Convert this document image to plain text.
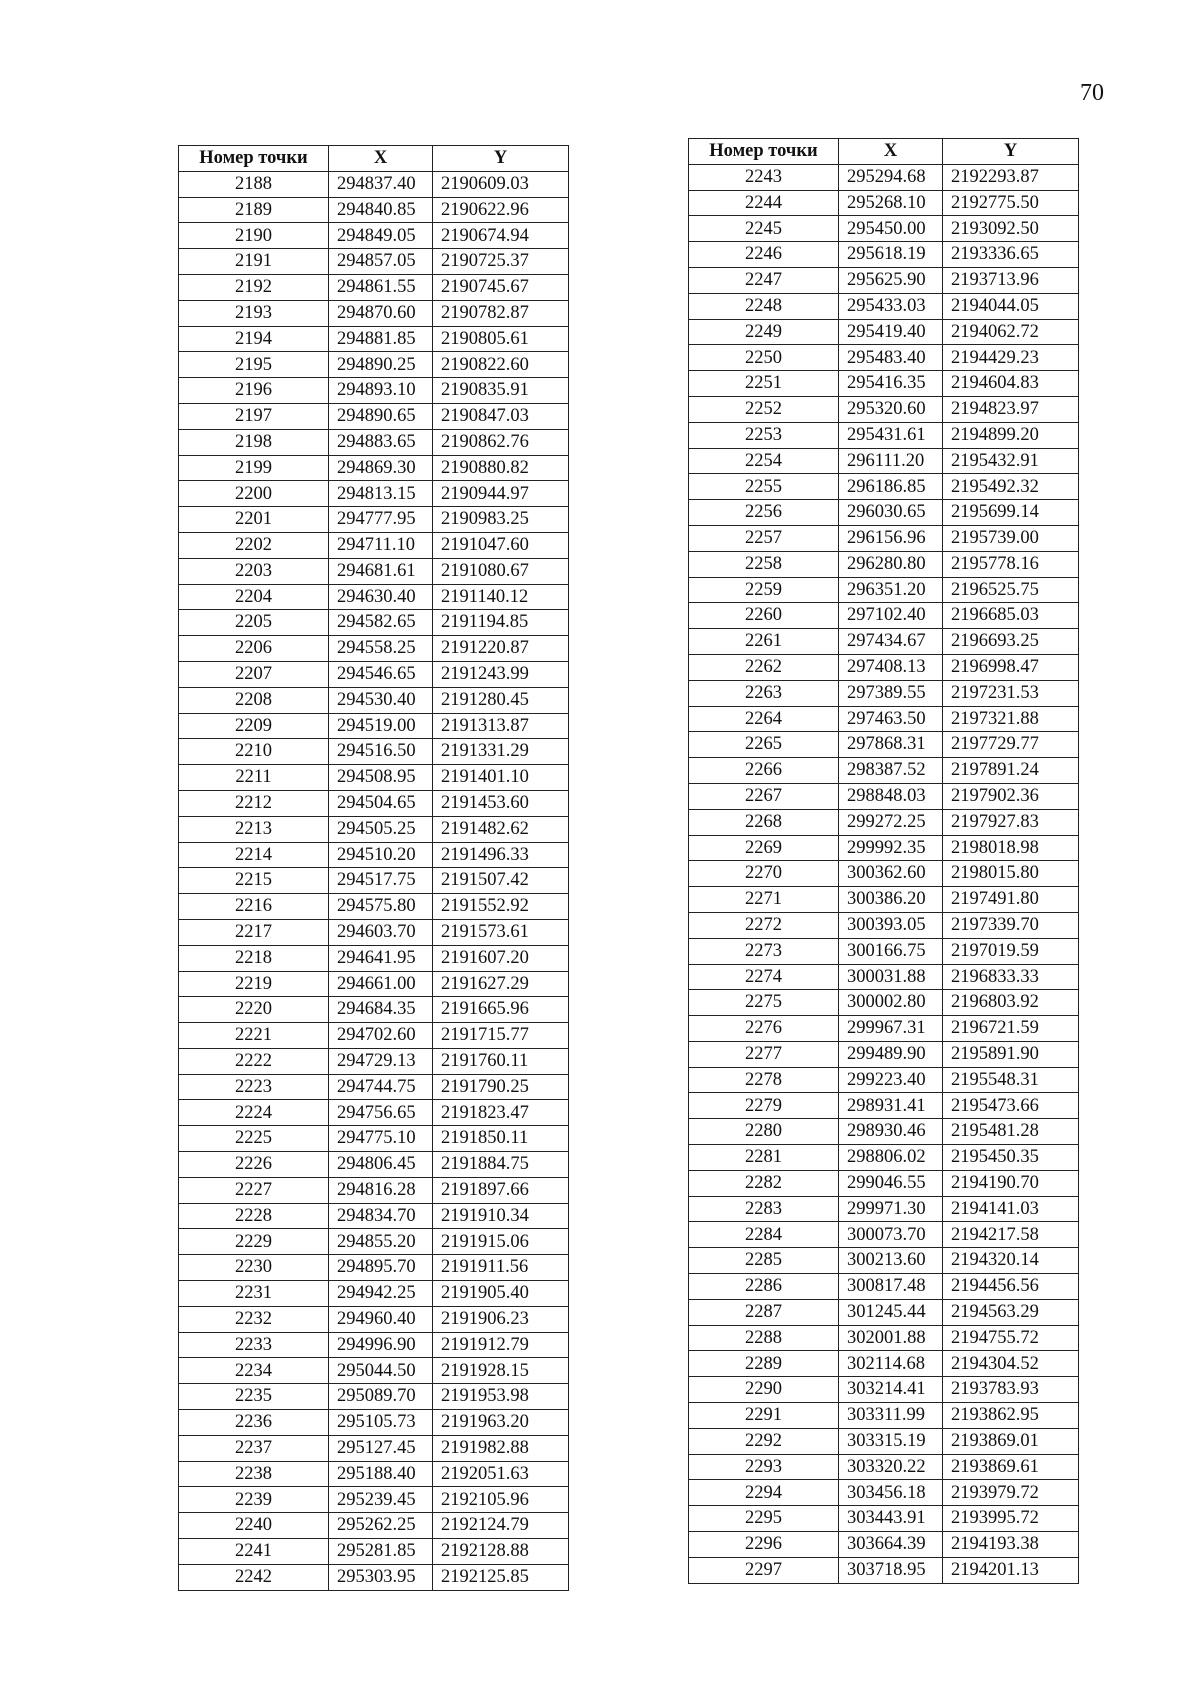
70
Номер точки	X	Y
2188	294837.40	2190609.03
2189	294840.85	2190622.96
2190	294849.05	2190674.94
2191	294857.05	2190725.37
2192	294861.55	2190745.67
2193	294870.60	2190782.87
2194	294881.85	2190805.61
2195	294890.25	2190822.60
2196	294893.10	2190835.91
2197	294890.65	2190847.03
2198	294883.65	2190862.76
2199	294869.30	2190880.82
2200	294813.15	2190944.97
2201	294777.95	2190983.25
2202	294711.10	2191047.60
2203	294681.61	2191080.67
2204	294630.40	2191140.12
2205	294582.65	2191194.85
2206	294558.25	2191220.87
2207	294546.65	2191243.99
2208	294530.40	2191280.45
2209	294519.00	2191313.87
2210	294516.50	2191331.29
2211	294508.95	2191401.10
2212	294504.65	2191453.60
2213	294505.25	2191482.62
2214	294510.20	2191496.33
2215	294517.75	2191507.42
2216	294575.80	2191552.92
2217	294603.70	2191573.61
2218	294641.95	2191607.20
2219	294661.00	2191627.29
2220	294684.35	2191665.96
2221	294702.60	2191715.77
2222	294729.13	2191760.11
2223	294744.75	2191790.25
2224	294756.65	2191823.47
2225	294775.10	2191850.11
2226	294806.45	2191884.75
2227	294816.28	2191897.66
2228	294834.70	2191910.34
2229	294855.20	2191915.06
2230	294895.70	2191911.56
2231	294942.25	2191905.40
2232	294960.40	2191906.23
2233	294996.90	2191912.79
2234	295044.50	2191928.15
2235	295089.70	2191953.98
2236	295105.73	2191963.20
2237	295127.45	2191982.88
2238	295188.40	2192051.63
2239	295239.45	2192105.96
2240	295262.25	2192124.79
2241	295281.85	2192128.88
2242	295303.95	2192125.85
Номер точки	X	Y
2243	295294.68	2192293.87
2244	295268.10	2192775.50
2245	295450.00	2193092.50
2246	295618.19	2193336.65
2247	295625.90	2193713.96
2248	295433.03	2194044.05
2249	295419.40	2194062.72
2250	295483.40	2194429.23
2251	295416.35	2194604.83
2252	295320.60	2194823.97
2253	295431.61	2194899.20
2254	296111.20	2195432.91
2255	296186.85	2195492.32
2256	296030.65	2195699.14
2257	296156.96	2195739.00
2258	296280.80	2195778.16
2259	296351.20	2196525.75
2260	297102.40	2196685.03
2261	297434.67	2196693.25
2262	297408.13	2196998.47
2263	297389.55	2197231.53
2264	297463.50	2197321.88
2265	297868.31	2197729.77
2266	298387.52	2197891.24
2267	298848.03	2197902.36
2268	299272.25	2197927.83
2269	299992.35	2198018.98
2270	300362.60	2198015.80
2271	300386.20	2197491.80
2272	300393.05	2197339.70
2273	300166.75	2197019.59
2274	300031.88	2196833.33
2275	300002.80	2196803.92
2276	299967.31	2196721.59
2277	299489.90	2195891.90
2278	299223.40	2195548.31
2279	298931.41	2195473.66
2280	298930.46	2195481.28
2281	298806.02	2195450.35
2282	299046.55	2194190.70
2283	299971.30	2194141.03
2284	300073.70	2194217.58
2285	300213.60	2194320.14
2286	300817.48	2194456.56
2287	301245.44	2194563.29
2288	302001.88	2194755.72
2289	302114.68	2194304.52
2290	303214.41	2193783.93
2291	303311.99	2193862.95
2292	303315.19	2193869.01
2293	303320.22	2193869.61
2294	303456.18	2193979.72
2295	303443.91	2193995.72
2296	303664.39	2194193.38
2297	303718.95	2194201.13
